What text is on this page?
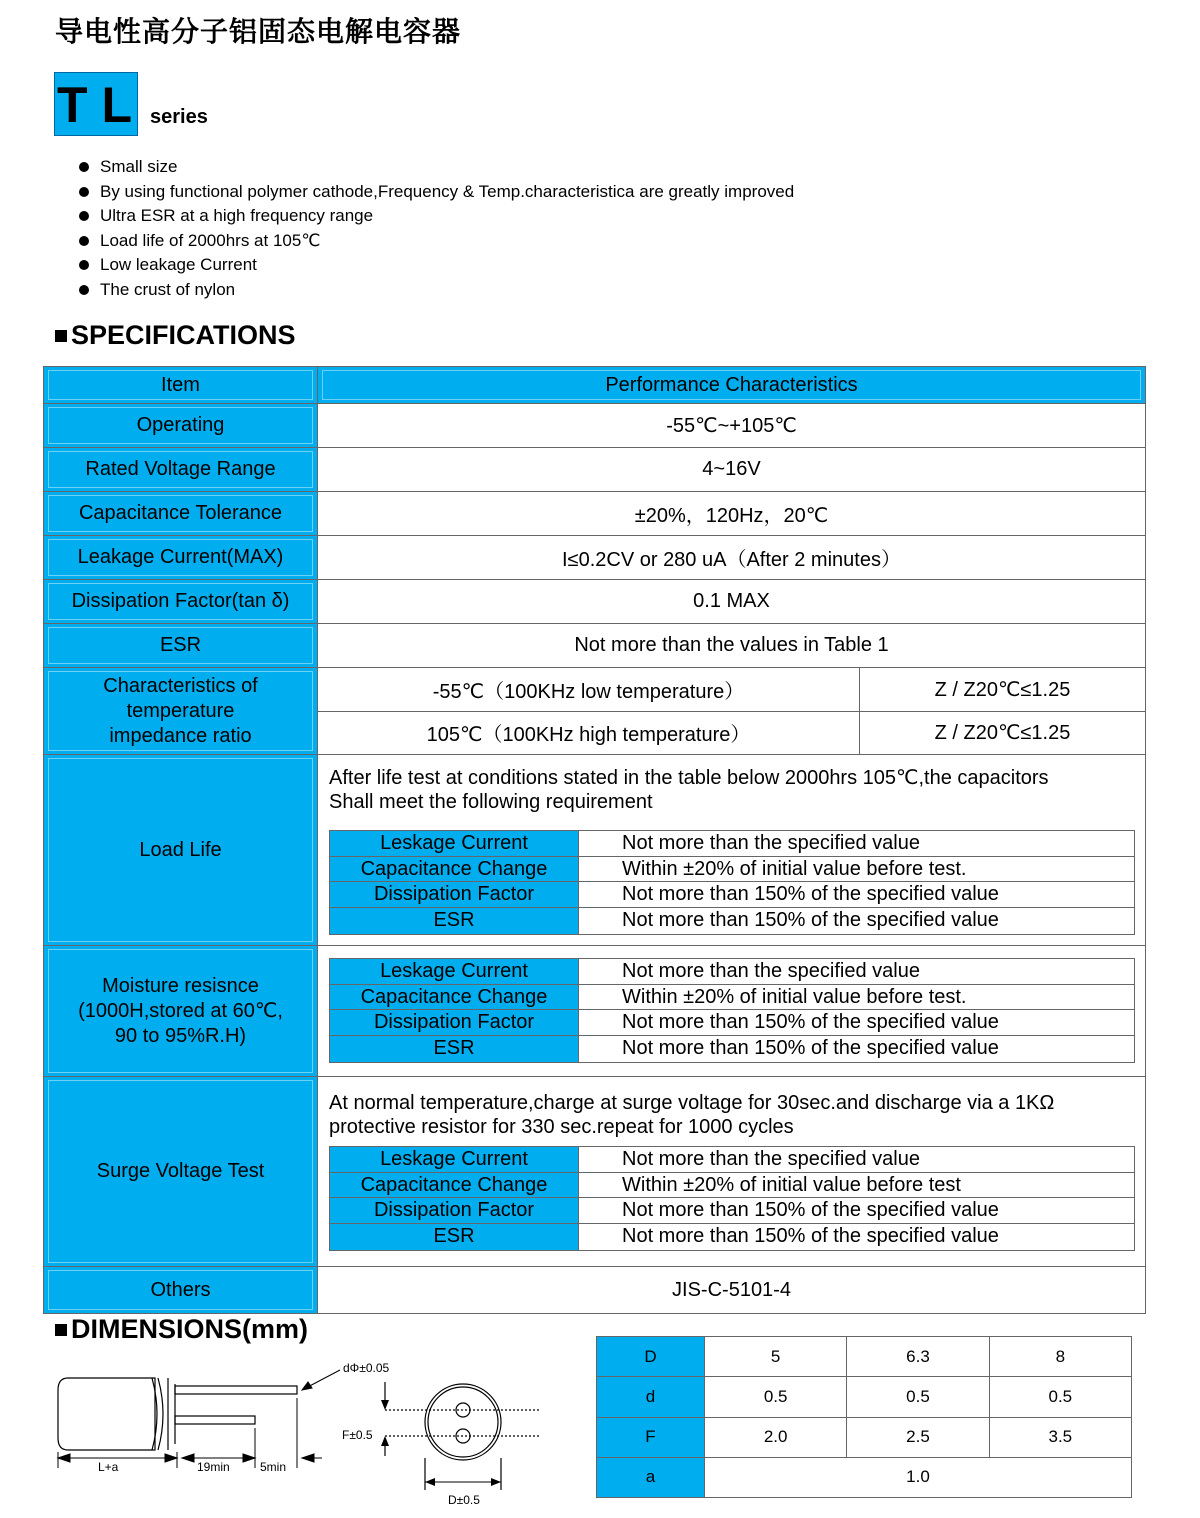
导电性高分子铝固态电解电容器
TL series
Small size
By using functional polymer cathode,Frequency & Temp.characteristica are greatly improved
Ultra ESR at a high frequency range
Load life of 2000hrs at 105℃
Low leakage Current
The crust of nylon
SPECIFICATIONS
Item	Performance Characteristics
Operating	-55℃~+105℃
Rated Voltage Range	4~16V
Capacitance Tolerance	±20%，120Hz，20℃
Leakage Current(MAX)	I≤0.2CV or 280 uA（After 2 minutes）
Dissipation Factor(tan δ)	0.1 MAX
ESR	Not more than the values in Table 1
Characteristics of
temperature
impedance ratio
-55℃（100KHz low temperature）	Z / Z20℃≤1.25
105℃（100KHz high temperature）	Z / Z20℃≤1.25
Load Life
After life test at conditions stated in the table below 2000hrs 105℃,the capacitors
Shall meet the following requirement
Leskage Current	Not more than the specified value
Capacitance Change	Within ±20% of initial value before test.
Dissipation Factor	Not more than 150% of the specified value
ESR	Not more than 150% of the specified value
Moisture resisnce
(1000H,stored at 60℃,
90 to 95%R.H)
Leskage Current	Not more than the specified value
Capacitance Change	Within ±20% of initial value before test.
Dissipation Factor	Not more than 150% of the specified value
ESR	Not more than 150% of the specified value
Surge Voltage Test
At normal temperature,charge at surge voltage for 30sec.and discharge via a 1KΩ
protective resistor for 330 sec.repeat for 1000 cycles
Leskage Current	Not more than the specified value
Capacitance Change	Within ±20% of initial value before test
Dissipation Factor	Not more than 150% of the specified value
ESR	Not more than 150% of the specified value
Others	JIS-C-5101-4
DIMENSIONS(mm)
L+a	19min	5min
dΦ±0.05
F±0.5
D±0.5
D	5	6.3	8
d	0.5	0.5	0.5
F	2.0	2.5	3.5
a	1.0
